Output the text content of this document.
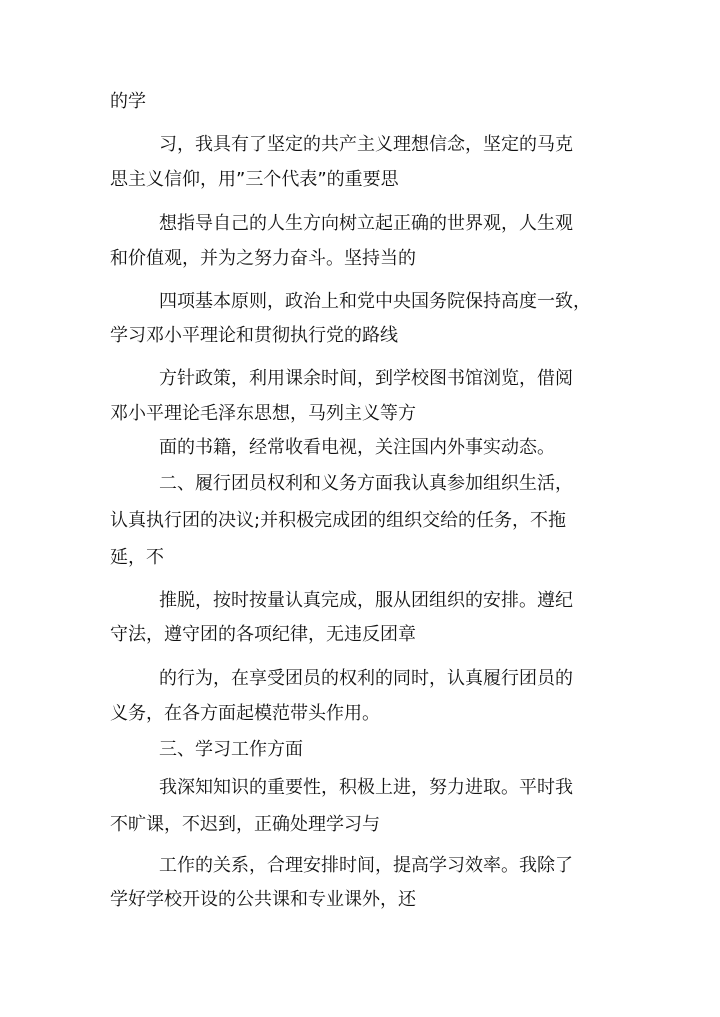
的学

习，我具有了坚定的共产主义理想信念，坚定的马克

思主义信仰，用”三个代表”的重要思

想指导自己的人生方向树立起正确的世界观，人生观

和价值观，并为之努力奋斗。坚持当的

四项基本原则，政治上和党中央国务院保持高度一致，

学习邓小平理论和贯彻执行党的路线

方针政策，利用课余时间，到学校图书馆浏览，借阅

邓小平理论毛泽东思想，马列主义等方

面的书籍，经常收看电视，关注国内外事实动态。

二、履行团员权利和义务方面我认真参加组织生活，

认真执行团的决议;并积极完成团的组织交给的任务，不拖

延，不

推脱，按时按量认真完成，服从团组织的安排。遵纪

守法，遵守团的各项纪律，无违反团章

的行为，在享受团员的权利的同时，认真履行团员的

义务，在各方面起模范带头作用。

三、学习工作方面

我深知知识的重要性，积极上进，努力进取。平时我

不旷课，不迟到，正确处理学习与

工作的关系，合理安排时间，提高学习效率。我除了

学好学校开设的公共课和专业课外，还
